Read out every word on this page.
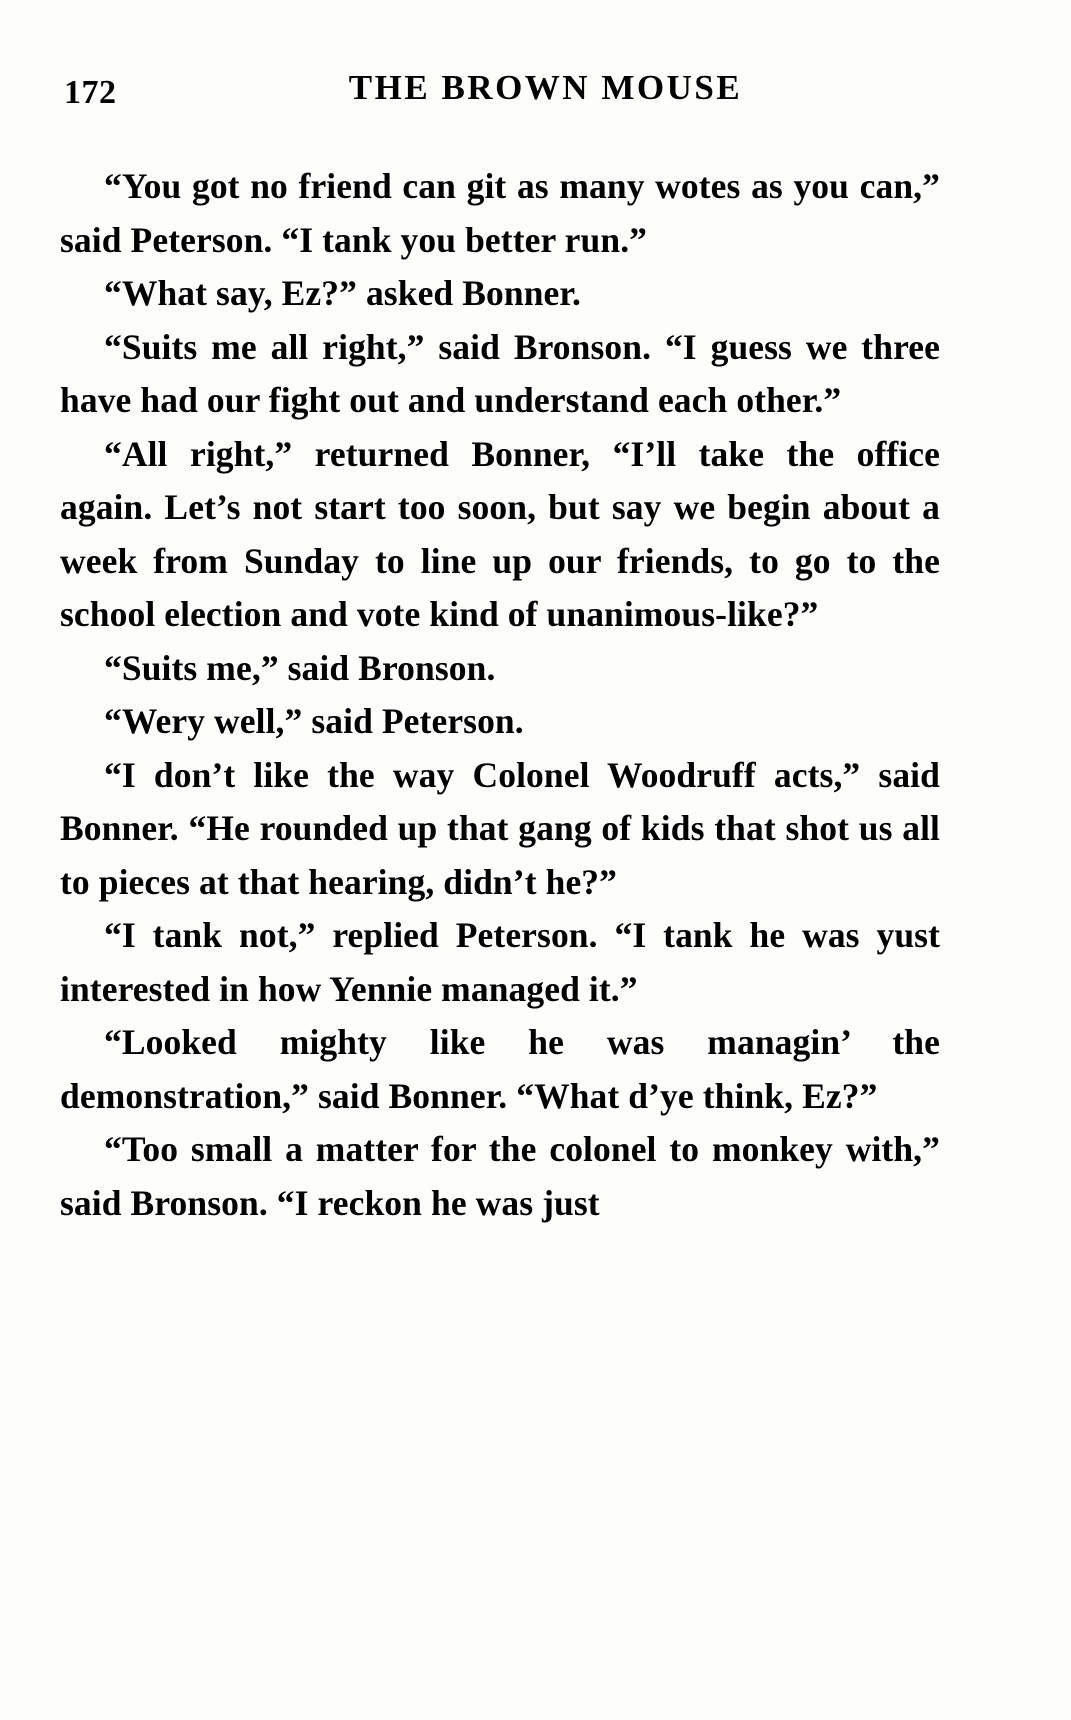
172	THE BROWN MOUSE

“You got no friend can git as many wotes as you can,” said Peterson. “I tank you better run.”

“What say, Ez?” asked Bonner.

“Suits me all right,” said Bronson. “I guess we three have had our fight out and understand each other.”

“All right,” returned Bonner, “I’ll take the office again. Let’s not start too soon, but say we begin about a week from Sunday to line up our friends, to go to the school election and vote kind of unanimous-like?”

“Suits me,” said Bronson.

“Wery well,” said Peterson.

“I don’t like the way Colonel Woodruff acts,” said Bonner. “He rounded up that gang of kids that shot us all to pieces at that hearing, didn’t he?”

“I tank not,” replied Peterson. “I tank he was yust interested in how Yennie managed it.”

“Looked mighty like he was managin’ the demonstration,” said Bonner. “What d’ye think, Ez?”

“Too small a matter for the colonel to monkey with,” said Bronson. “I reckon he was just
